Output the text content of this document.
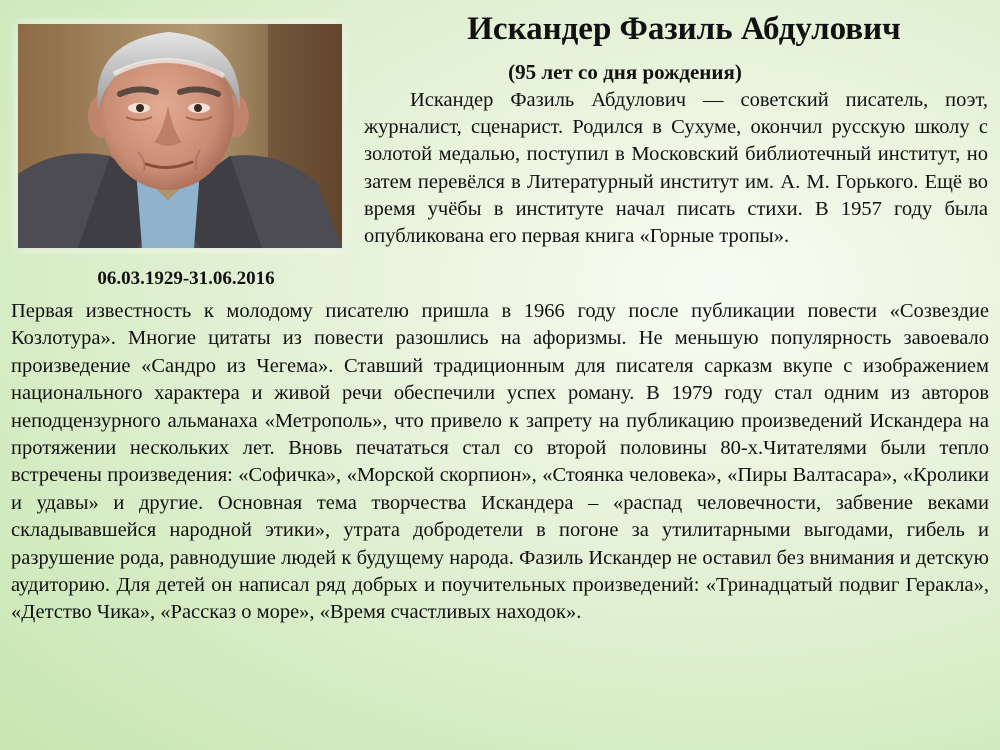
Искандер Фазиль Абдулович
(95 лет со дня рождения)
06.03.1929-31.06.2016

Искандер Фазиль Абдулович — советский писатель, поэт, журналист, сценарист. Родился в Сухуме, окончил русскую школу с золотой медалью, поступил в Московский библиотечный институт, но затем перевёлся в Литературный институт им. А. М. Горького. Ещё во время учёбы в институте начал писать стихи. В 1957 году была опубликована его первая книга «Горные тропы».

Первая известность к молодому писателю пришла в 1966 году после публикации повести «Созвездие Козлотура». Многие цитаты из повести разошлись на афоризмы. Не меньшую популярность завоевало произведение «Сандро из Чегема». Ставший традиционным для писателя сарказм вкупе с изображением национального характера и живой речи обеспечили успех роману. В 1979 году стал одним из авторов неподцензурного альманаха «Метрополь», что привело к запрету на публикацию произведений Искандера на протяжении нескольких лет. Вновь печататься стал со второй половины 80-х.Читателями были тепло встречены произведения: «Софичка», «Морской скорпион», «Стоянка человека», «Пиры Валтасара», «Кролики и удавы» и другие. Основная тема творчества Искандера – «распад человечности, забвение веками складывавшейся народной этики», утрата добродетели в погоне за утилитарными выгодами, гибель и разрушение рода, равнодушие людей к будущему народа. Фазиль Искандер не оставил без внимания и детскую аудиторию. Для детей он написал ряд добрых и поучительных произведений: «Тринадцатый подвиг Геракла», «Детство Чика», «Рассказ о море», «Время счастливых находок».
